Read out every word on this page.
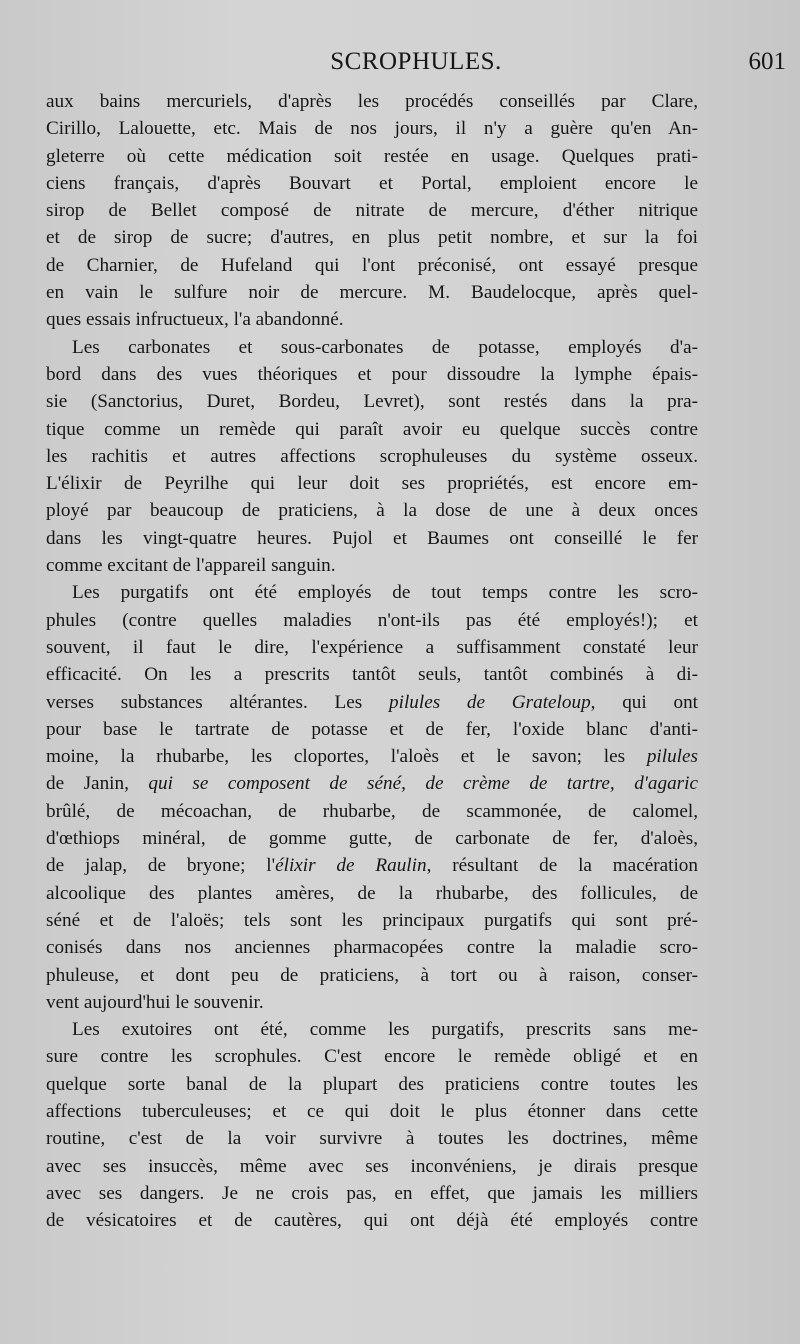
SCROPHULES.	601
aux bains mercuriels, d'après les procédés conseillés par Clare,
Cirillo, Lalouette, etc. Mais de nos jours, il n'y a guère qu'en An-
gleterre où cette médication soit restée en usage. Quelques prati-
ciens français, d'après Bouvart et Portal, emploient encore le
sirop de Bellet composé de nitrate de mercure, d'éther nitrique
et de sirop de sucre; d'autres, en plus petit nombre, et sur la foi
de Charnier, de Hufeland qui l'ont préconisé, ont essayé presque
en vain le sulfure noir de mercure. M. Baudelocque, après quel-
ques essais infructueux, l'a abandonné.
Les carbonates et sous-carbonates de potasse, employés d'a-
bord dans des vues théoriques et pour dissoudre la lymphe épais-
sie (Sanctorius, Duret, Bordeu, Levret), sont restés dans la pra-
tique comme un remède qui paraît avoir eu quelque succès contre
les rachitis et autres affections scrophuleuses du système osseux.
L'élixir de Peyrilhe qui leur doit ses propriétés, est encore em-
ployé par beaucoup de praticiens, à la dose de une à deux onces
dans les vingt-quatre heures. Pujol et Baumes ont conseillé le fer
comme excitant de l'appareil sanguin.
Les purgatifs ont été employés de tout temps contre les scro-
phules (contre quelles maladies n'ont-ils pas été employés!); et
souvent, il faut le dire, l'expérience a suffisamment constaté leur
efficacité. On les a prescrits tantôt seuls, tantôt combinés à di-
verses substances altérantes. Les pilules de Grateloup, qui ont
pour base le tartrate de potasse et de fer, l'oxide blanc d'anti-
moine, la rhubarbe, les cloportes, l'aloès et le savon; les pilules
de Janin, qui se composent de séné, de crème de tartre, d'agaric
brûlé, de mécoachan, de rhubarbe, de scammonée, de calomel,
d'œthiops minéral, de gomme gutte, de carbonate de fer, d'aloès,
de jalap, de bryone; l'élixir de Raulin, résultant de la macération
alcoolique des plantes amères, de la rhubarbe, des follicules, de
séné et de l'aloës; tels sont les principaux purgatifs qui sont pré-
conisés dans nos anciennes pharmacopées contre la maladie scro-
phuleuse, et dont peu de praticiens, à tort ou à raison, conser-
vent aujourd'hui le souvenir.
Les exutoires ont été, comme les purgatifs, prescrits sans me-
sure contre les scrophules. C'est encore le remède obligé et en
quelque sorte banal de la plupart des praticiens contre toutes les
affections tuberculeuses; et ce qui doit le plus étonner dans cette
routine, c'est de la voir survivre à toutes les doctrines, même
avec ses insuccès, même avec ses inconvéniens, je dirais presque
avec ses dangers. Je ne crois pas, en effet, que jamais les milliers
de vésicatoires et de cautères, qui ont déjà été employés contre
